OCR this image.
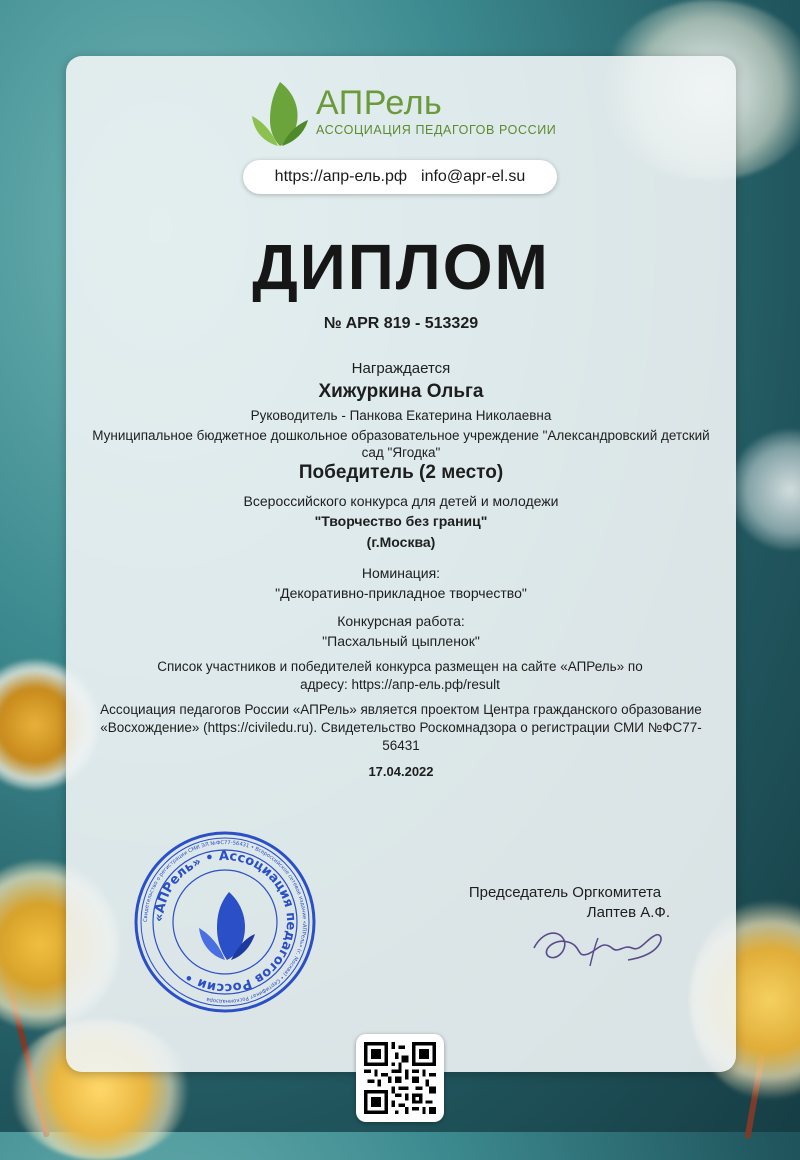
АПРель
АССОЦИАЦИЯ ПЕДАГОГОВ РОССИИ
https://апр-ель.рф info@apr-el.su
ДИПЛОМ
№ APR 819 - 513329
Награждается
Хижуркина Ольга
Руководитель - Панкова Екатерина Николаевна
Муниципальное бюджетное дошкольное образовательное учреждение "Александровский детский сад "Ягодка"
Победитель (2 место)
Всероссийского конкурса для детей и молодежи
"Творчество без границ"
(г.Москва)
Номинация:
"Декоративно-прикладное творчество"
Конкурсная работа:
"Пасхальный цыпленок"
Список участников и победителей конкурса размещен на сайте «АПРель» по адресу: https://апр-ель.рф/result
Ассоциация педагогов России «АПРель» является проектом Центра гражданского образование «Восхождение» (https://civiledu.ru). Свидетельство Роскомнадзора о регистрации СМИ №ФС77-56431
17.04.2022
Председатель Оргкомитета
Лаптев А.Ф.
Свидетельство о регистрации СМИ ЭЛ №ФС77-56431 • Всероссийское сетевое издание «АПРель» (г. Москва) • Сертификат Роскомнадзора
«АПРель» • Ассоциация педагогов России •
